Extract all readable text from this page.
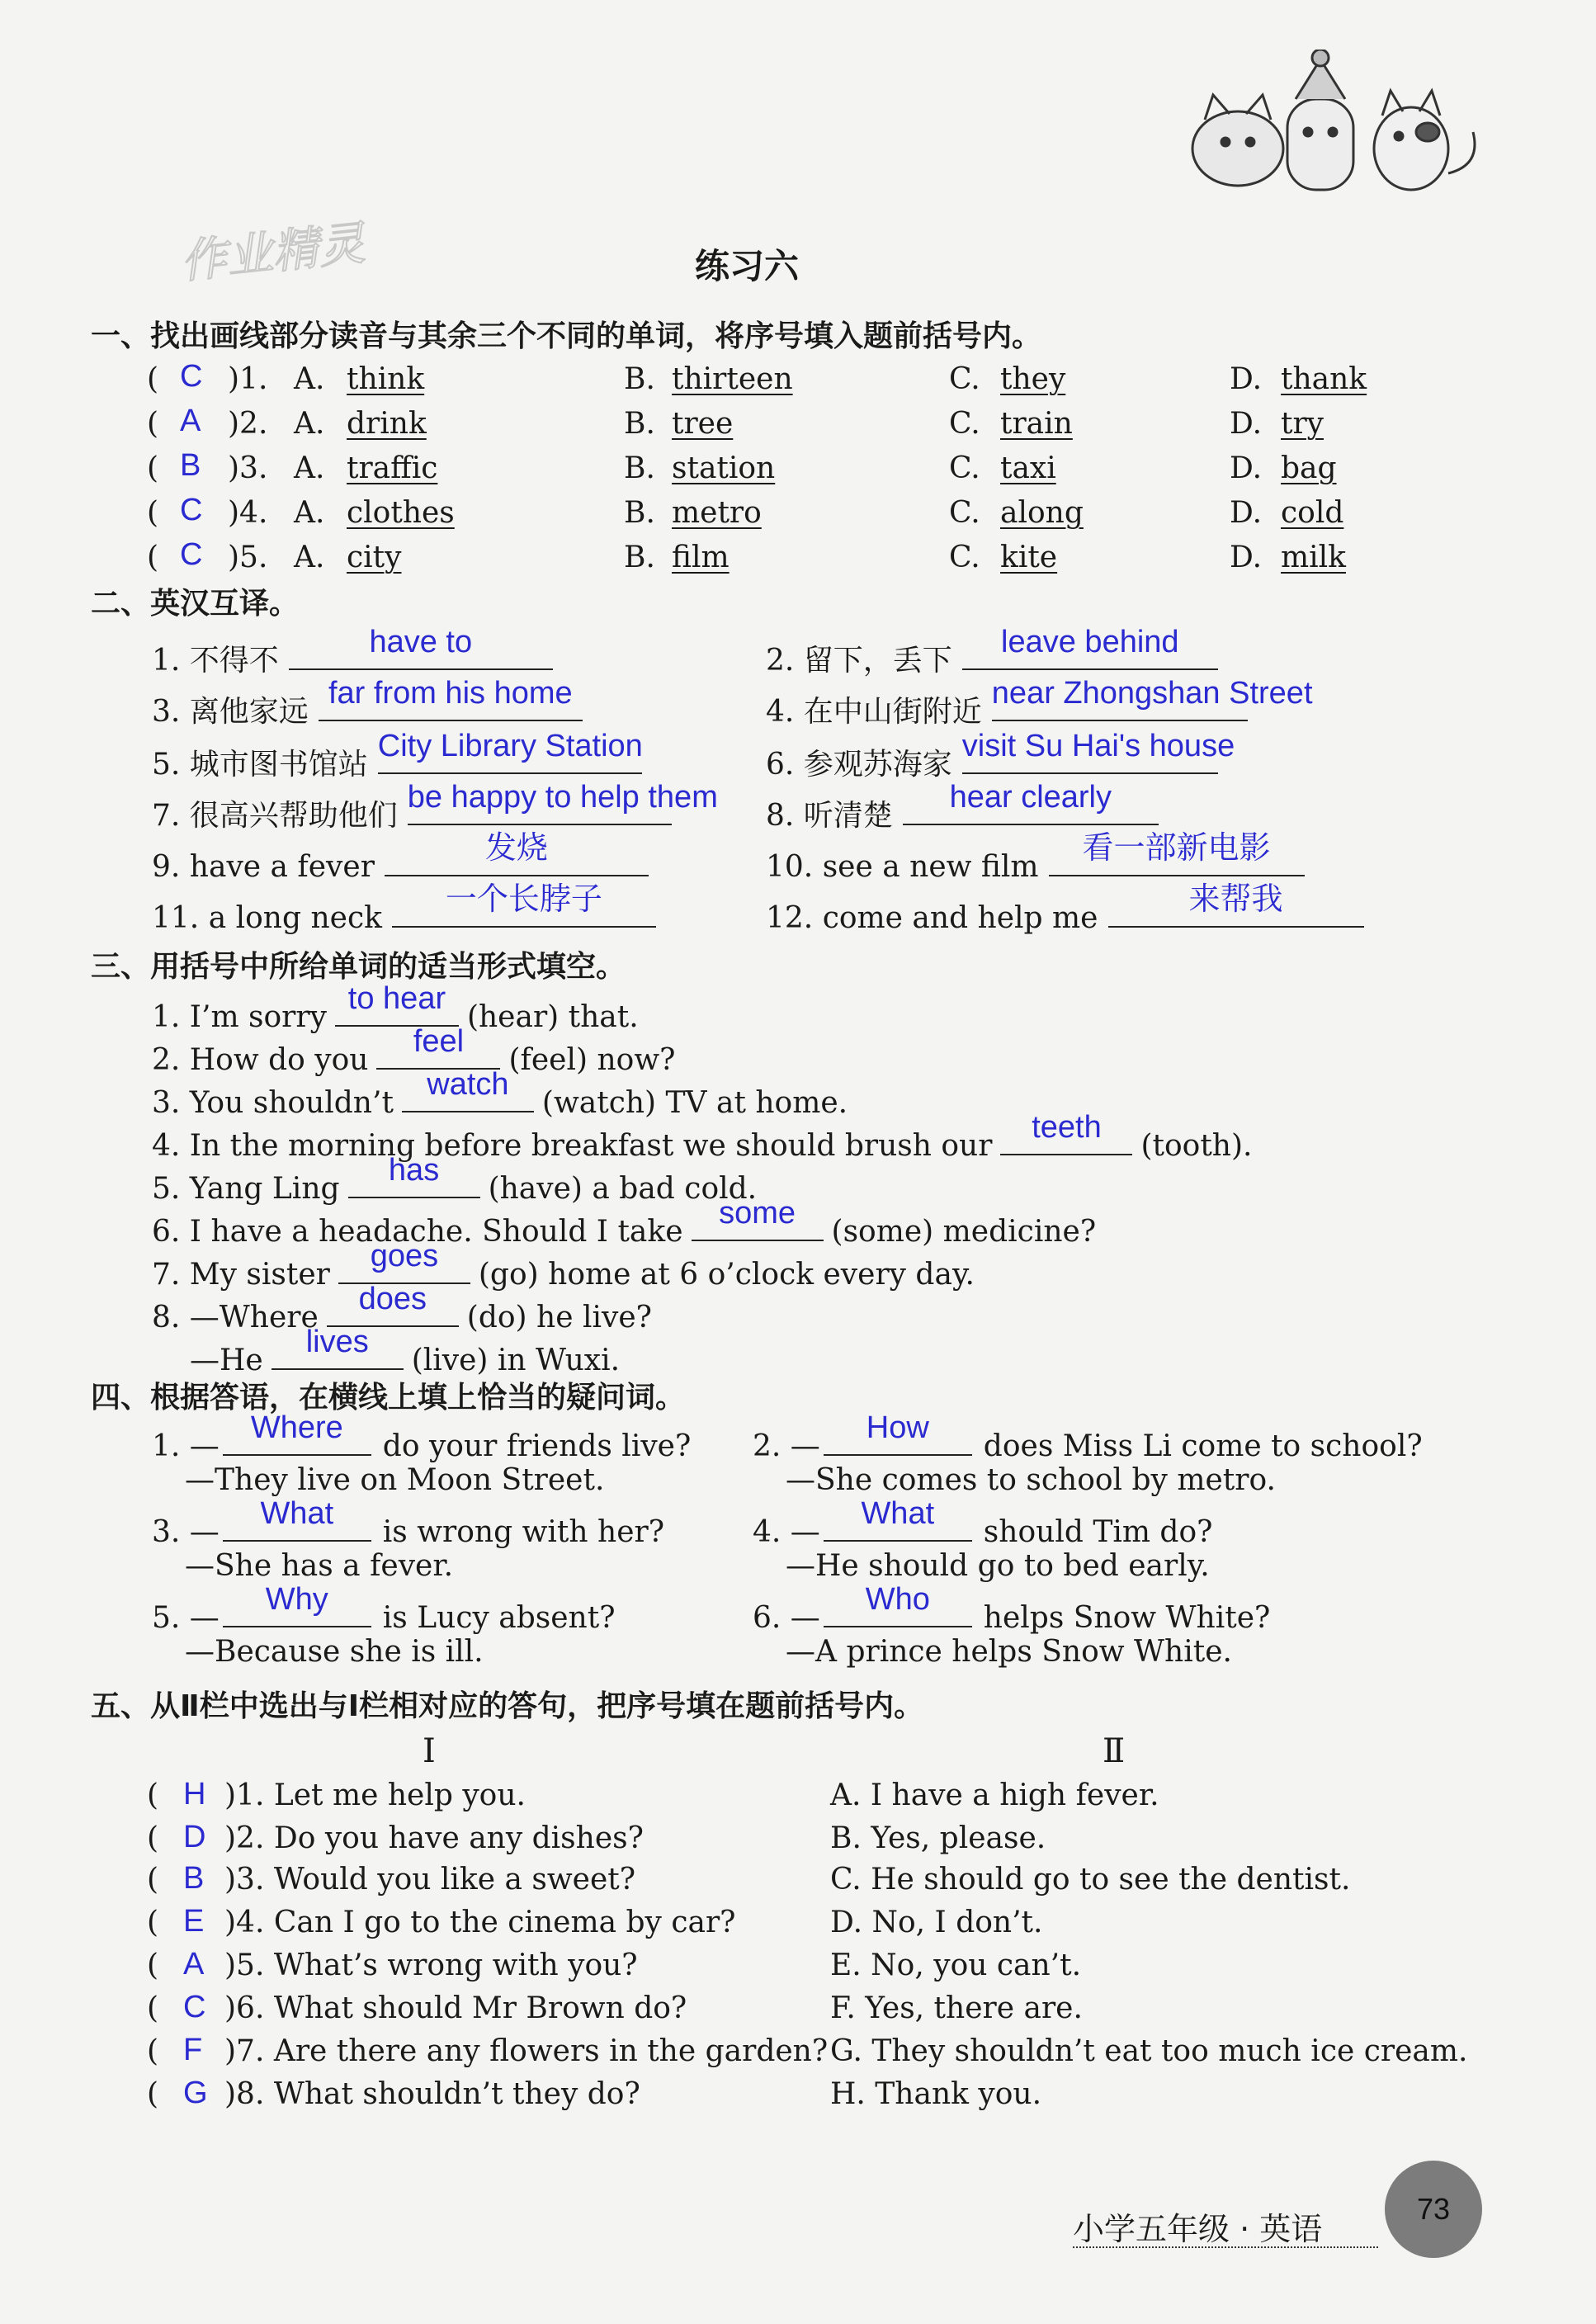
作业精灵	练习六
一、找出画线部分读音与其余三个不同的单词，将序号填入题前括号内。
( C )1. A. think	B. thirteen	C. they	D. thank
( A )2. A. drink	B. tree	C. train	D. try
( B )3. A. traffic	B. station	C. taxi	D. bag
( C )4. A. clothes	B. metro	C. along	D. cold
( C )5. A. city	B. film	C. kite	D. milk
二、英汉互译。
1. 不得不
have to
2. 留下，丢下
leave behind
3. 离他家远
far from his home
4. 在中山街附近
near Zhongshan Street
5. 城市图书馆站
City Library Station
6. 参观苏海家
visit Su Hai's house
7. 很高兴帮助他们
be happy to help them
8. 听清楚
hear clearly
9. have a fever
发烧
10. see a new film
看一部新电影
11. a long neck
一个长脖子
12. come and help me
来帮我
三、用括号中所给单词的适当形式填空。
1. I’m sorry
to hear
(hear) that.
2. How do you
feel
(feel) now?
3. You shouldn’t
watch
(watch) TV at home.
4. In the morning before breakfast we should brush our
teeth
(tooth).
5. Yang Ling
has
(have) a bad cold.
6. I have a headache. Should I take
some
(some) medicine?
7. My sister
goes
(go) home at 6 o’clock every day.
8. —Where
does
(do) he live?
—He
lives
(live) in Wuxi.
四、根据答语，在横线上填上恰当的疑问词。
1. —
Where
do your friends live?
—They live on Moon Street.
2. —
How
does Miss Li come to school?
—She comes to school by metro.
3. —
What
is wrong with her?
—She has a fever.
4. —
What
should Tim do?
—He should go to bed early.
5. —
Why
is Lucy absent?
—Because she is ill.
6. —
Who
helps Snow White?
—A prince helps Snow White.
五、从Ⅱ栏中选出与Ⅰ栏相对应的答句，把序号填在题前括号内。
Ⅰ	Ⅱ
( H )1. Let me help you.	A. I have a high fever.
( D )2. Do you have any dishes?	B. Yes, please.
( B )3. Would you like a sweet?	C. He should go to see the dentist.
( E )4. Can I go to the cinema by car?	D. No, I don’t.
( A )5. What’s wrong with you?	E. No, you can’t.
( C )6. What should Mr Brown do?	F. Yes, there are.
( F )7. Are there any flowers in the garden? G. They shouldn’t eat too much ice cream.
( G )8. What shouldn’t they do?	H. Thank you.
小学五年级 · 英语
73
